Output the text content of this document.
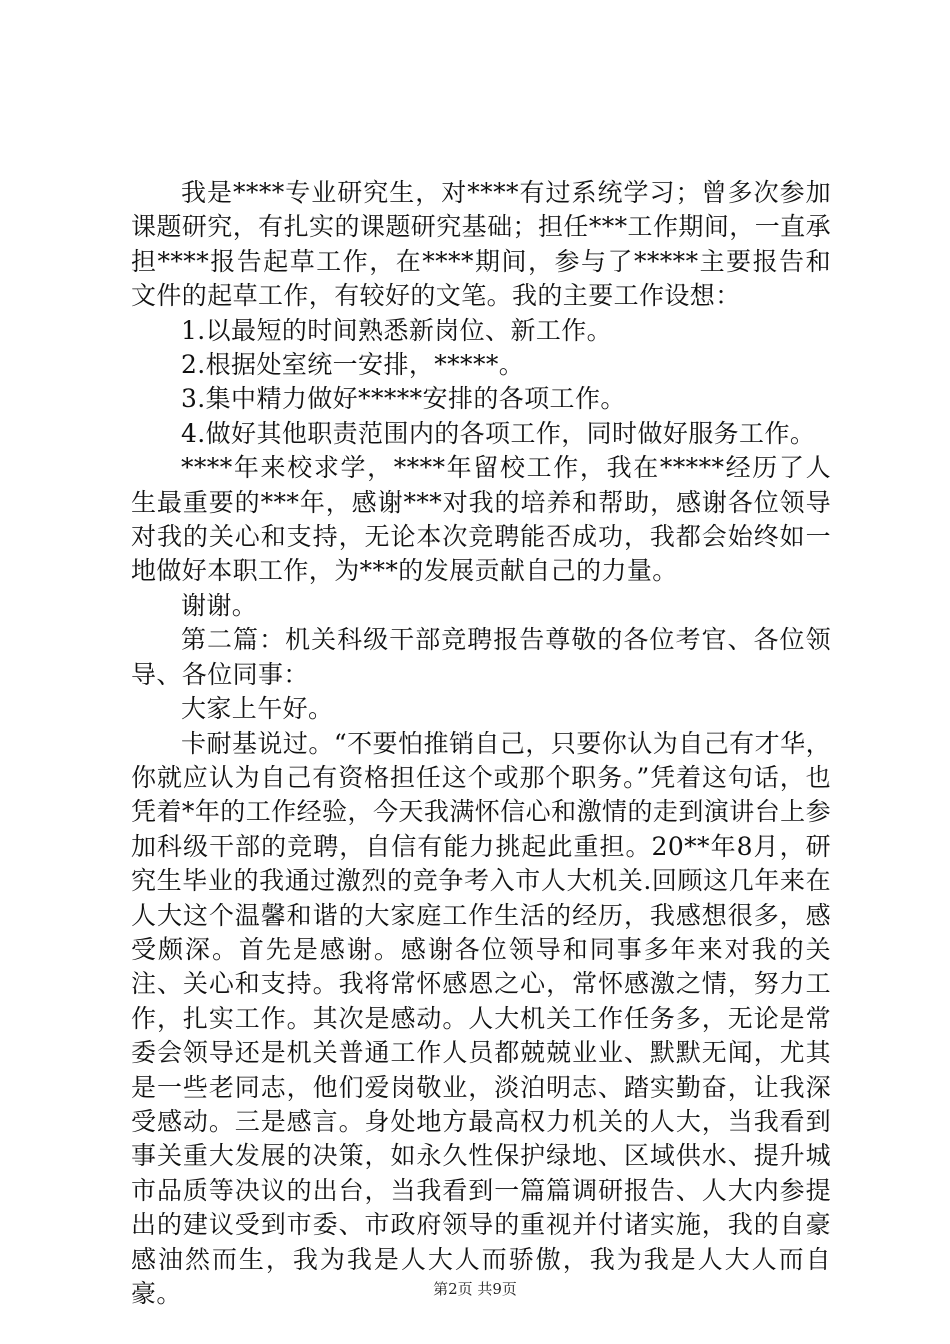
我是****专业研究生，对****有过系统学习；曾多次参加课题研究，有扎实的课题研究基础；担任***工作期间，一直承担****报告起草工作，在****期间，参与了*****主要报告和文件的起草工作，有较好的文笔。我的主要工作设想：

1.以最短的时间熟悉新岗位、新工作。

2.根据处室统一安排，*****。

3.集中精力做好*****安排的各项工作。

4.做好其他职责范围内的各项工作，同时做好服务工作。

****年来校求学，****年留校工作，我在*****经历了人生最重要的***年，感谢***对我的培养和帮助，感谢各位领导对我的关心和支持，无论本次竞聘能否成功，我都会始终如一地做好本职工作，为***的发展贡献自己的力量。

谢谢。

第二篇：机关科级干部竞聘报告尊敬的各位考官、各位领导、各位同事：

大家上午好。

卡耐基说过。“不要怕推销自己，只要你认为自己有才华，你就应认为自己有资格担任这个或那个职务。”凭着这句话，也凭着*年的工作经验，今天我满怀信心和激情的走到演讲台上参加科级干部的竞聘，自信有能力挑起此重担。20**年8月，研究生毕业的我通过激烈的竞争考入市人大机关.回顾这几年来在人大这个温馨和谐的大家庭工作生活的经历，我感想很多，感受颇深。首先是感谢。感谢各位领导和同事多年来对我的关注、关心和支持。我将常怀感恩之心，常怀感激之情，努力工作，扎实工作。其次是感动。人大机关工作任务多，无论是常委会领导还是机关普通工作人员都兢兢业业、默默无闻，尤其是一些老同志，他们爱岗敬业，淡泊明志、踏实勤奋，让我深受感动。三是感言。身处地方最高权力机关的人大，当我看到事关重大发展的决策，如永久性保护绿地、区域供水、提升城市品质等决议的出台，当我看到一篇篇调研报告、人大内参提出的建议受到市委、市政府领导的重视并付诸实施，我的自豪感油然而生，我为我是人大人而骄傲，我为我是人大人而自豪。	第2页 共9页
